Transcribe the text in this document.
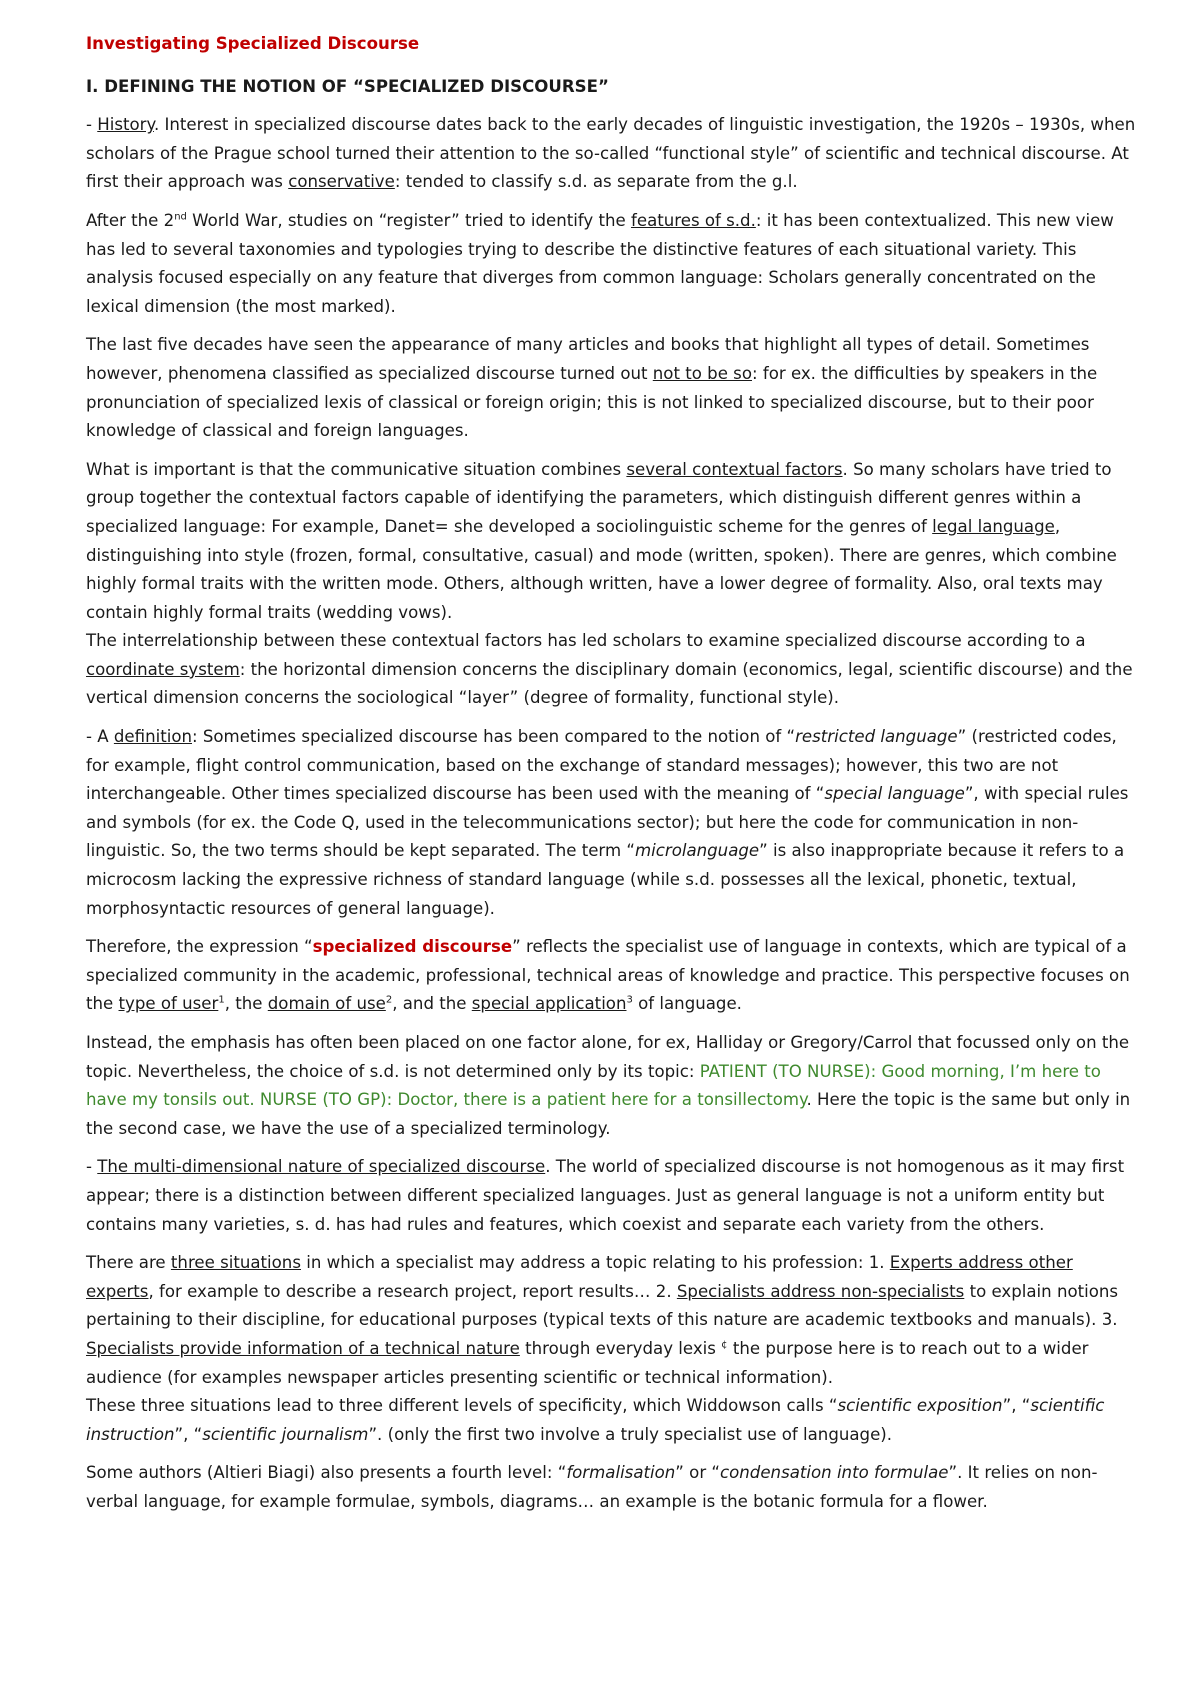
Investigating Specialized Discourse
I. DEFINING THE NOTION OF “SPECIALIZED DISCOURSE”

- History. Interest in specialized discourse dates back to the early decades of linguistic investigation, the 1920s – 1930s, when scholars of the Prague school turned their attention to the so-called “functional style” of scientific and technical discourse. At first their approach was conservative: tended to classify s.d. as separate from the g.l.

After the 2nd World War, studies on “register” tried to identify the features of s.d.: it has been contextualized. This new view has led to several taxonomies and typologies trying to describe the distinctive features of each situational variety. This analysis focused especially on any feature that diverges from common language: Scholars generally concentrated on the lexical dimension (the most marked).

The last five decades have seen the appearance of many articles and books that highlight all types of detail. Sometimes however, phenomena classified as specialized discourse turned out not to be so: for ex. the difficulties by speakers in the pronunciation of specialized lexis of classical or foreign origin; this is not linked to specialized discourse, but to their poor knowledge of classical and foreign languages.

What is important is that the communicative situation combines several contextual factors. So many scholars have tried to group together the contextual factors capable of identifying the parameters, which distinguish different genres within a specialized language: For example, Danet= she developed a sociolinguistic scheme for the genres of legal language, distinguishing into style (frozen, formal, consultative, casual) and mode (written, spoken). There are genres, which combine highly formal traits with the written mode. Others, although written, have a lower degree of formality. Also, oral texts may contain highly formal traits (wedding vows).

The interrelationship between these contextual factors has led scholars to examine specialized discourse according to a coordinate system: the horizontal dimension concerns the disciplinary domain (economics, legal, scientific discourse) and the vertical dimension concerns the sociological “layer” (degree of formality, functional style).

- A definition: Sometimes specialized discourse has been compared to the notion of “restricted language” (restricted codes, for example, flight control communication, based on the exchange of standard messages); however, this two are not interchangeable. Other times specialized discourse has been used with the meaning of “special language”, with special rules and symbols (for ex. the Code Q, used in the telecommunications sector); but here the code for communication in non-linguistic. So, the two terms should be kept separated. The term “microlanguage” is also inappropriate because it refers to a microcosm lacking the expressive richness of standard language (while s.d. possesses all the lexical, phonetic, textual, morphosyntactic resources of general language).

Therefore, the expression “specialized discourse” reflects the specialist use of language in contexts, which are typical of a specialized community in the academic, professional, technical areas of knowledge and practice. This perspective focuses on the type of user$^1$, the domain of use$^2$, and the special application$^3$ of language.

Instead, the emphasis has often been placed on one factor alone, for ex, Halliday or Gregory/Carrol that focussed only on the topic. Nevertheless, the choice of s.d. is not determined only by its topic: PATIENT (TO NURSE): Good morning, I’m here to have my tonsils out. NURSE (TO GP): Doctor, there is a patient here for a tonsillectomy. Here the topic is the same but only in the second case, we have the use of a specialized terminology.

- The multi-dimensional nature of specialized discourse. The world of specialized discourse is not homogenous as it may first appear; there is a distinction between different specialized languages. Just as general language is not a uniform entity but contains many varieties, s. d. has had rules and features, which coexist and separate each variety from the others.

There are three situations in which a specialist may address a topic relating to his profession: 1. Experts address other experts, for example to describe a research project, report results… 2. Specialists address non-specialists to explain notions pertaining to their discipline, for educational purposes (typical texts of this nature are academic textbooks and manuals). 3. Specialists provide information of a technical nature through everyday lexis ¢ the purpose here is to reach out to a wider audience (for examples newspaper articles presenting scientific or technical information).

These three situations lead to three different levels of specificity, which Widdowson calls “scientific exposition”, “scientific instruction”, “scientific journalism”. (only the first two involve a truly specialist use of language).

Some authors (Altieri Biagi) also presents a fourth level: “formalisation” or “condensation into formulae”. It relies on non-verbal language, for example formulae, symbols, diagrams… an example is the botanic formula for a flower.
